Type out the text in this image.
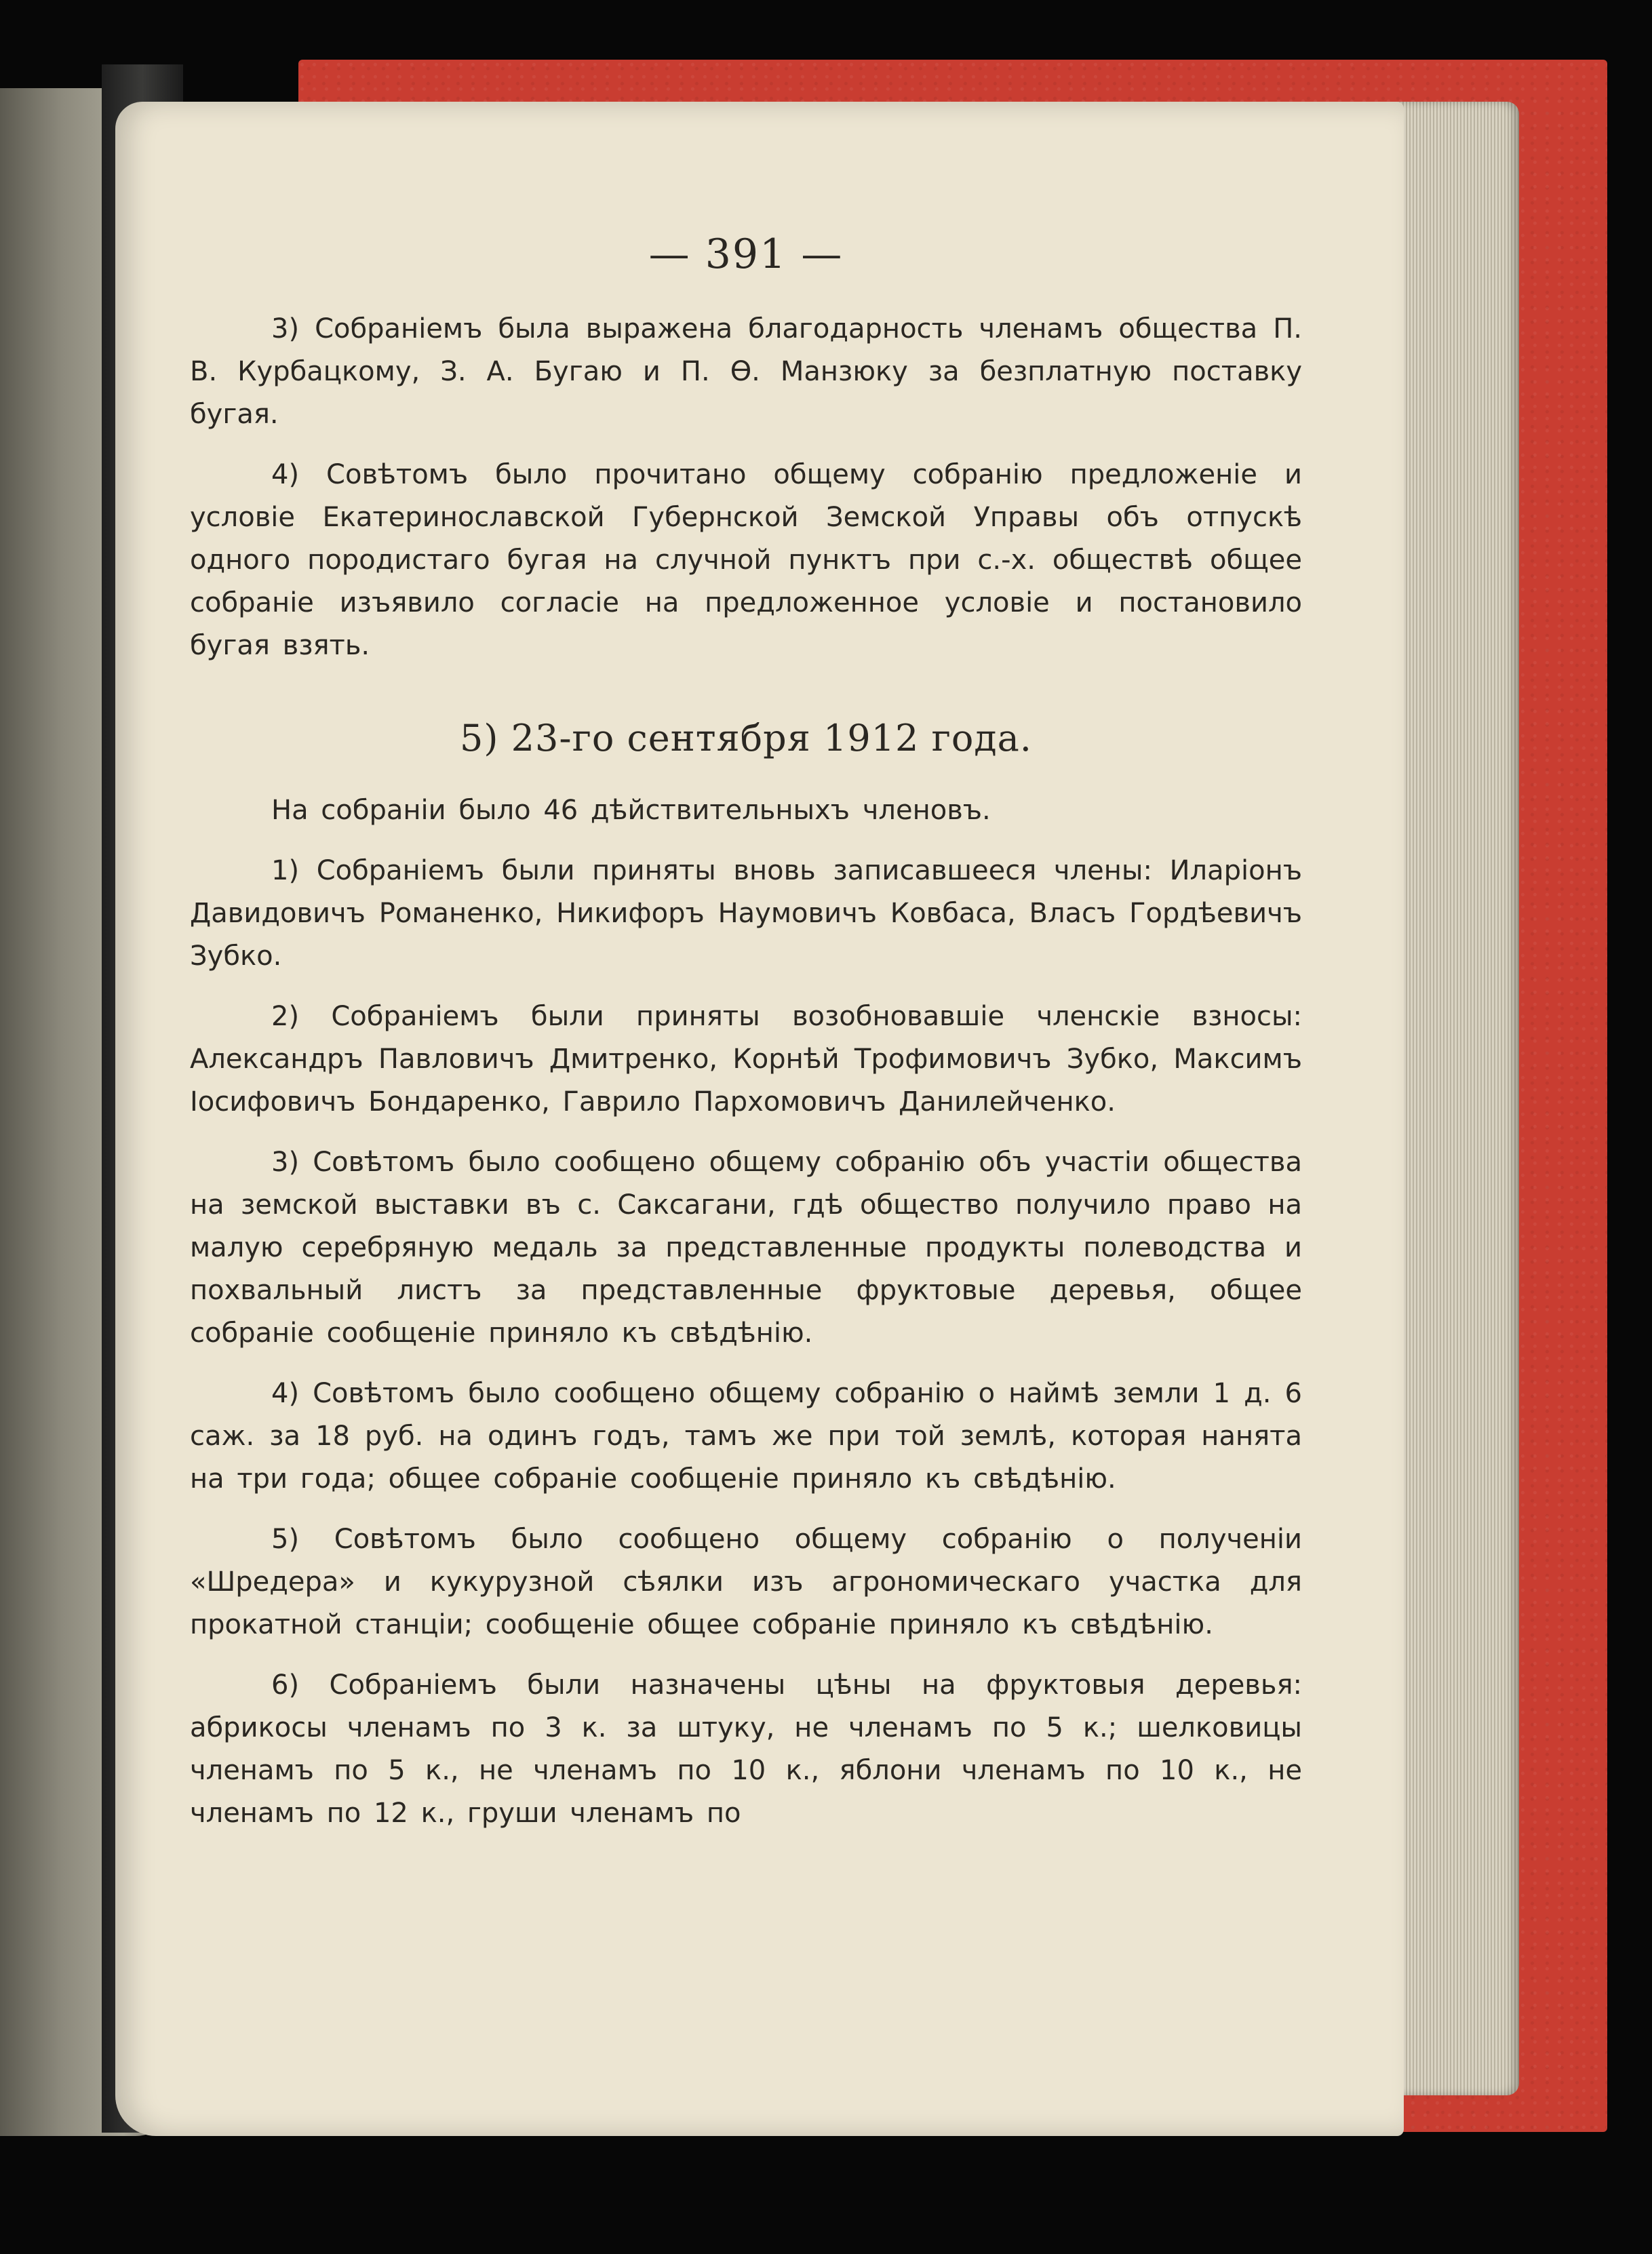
— 391 —

3) Собраніемъ была выражена благодарность членамъ общества П. В. Курбацкому, З. А. Бугаю и П. Ѳ. Манзюку за безплатную поставку бугая.

4) Совѣтомъ было прочитано общему собранію предложеніе и условіе Екатеринославской Губернской Земской Управы объ отпускѣ одного породистаго бугая на случной пунктъ при с.-х. обществѣ общее собраніе изъявило согласіе на предложенное условіе и постановило бугая взять.

5) 23-го сентября 1912 года.

На собраніи было 46 дѣйствительныхъ членовъ.

1) Собраніемъ были приняты вновь записавшееся члены: Иларіонъ Давидовичъ Романенко, Никифоръ Наумовичъ Ковбаса, Власъ Гордѣевичъ Зубко.

2) Собраніемъ были приняты возобновавшіе членскіе взносы: Александръ Павловичъ Дмитренко, Корнѣй Трофимовичъ Зубко, Максимъ Іосифовичъ Бондаренко, Гаврило Пархомовичъ Данилейченко.

3) Совѣтомъ было сообщено общему собранію объ участіи общества на земской выставки въ с. Саксагани, гдѣ общество получило право на малую серебряную медаль за представленные продукты полеводства и похвальный листъ за представленные фруктовые деревья, общее собраніе сообщеніе приняло къ свѣдѣнію.

4) Совѣтомъ было сообщено общему собранію о наймѣ земли 1 д. 6 саж. за 18 руб. на одинъ годъ, тамъ же при той землѣ, которая нанята на три года; общее собраніе сообщеніе приняло къ свѣдѣнію.

5) Совѣтомъ было сообщено общему собранію о полученіи «Шредера» и кукурузной сѣялки изъ агрономическаго участка для прокатной станціи; сообщеніе общее собраніе приняло къ свѣдѣнію.

6) Собраніемъ были назначены цѣны на фруктовыя деревья: абрикосы членамъ по 3 к. за штуку, не членамъ по 5 к.; шелковицы членамъ по 5 к., не членамъ по 10 к., яблони членамъ по 10 к., не членамъ по 12 к., груши членамъ по
